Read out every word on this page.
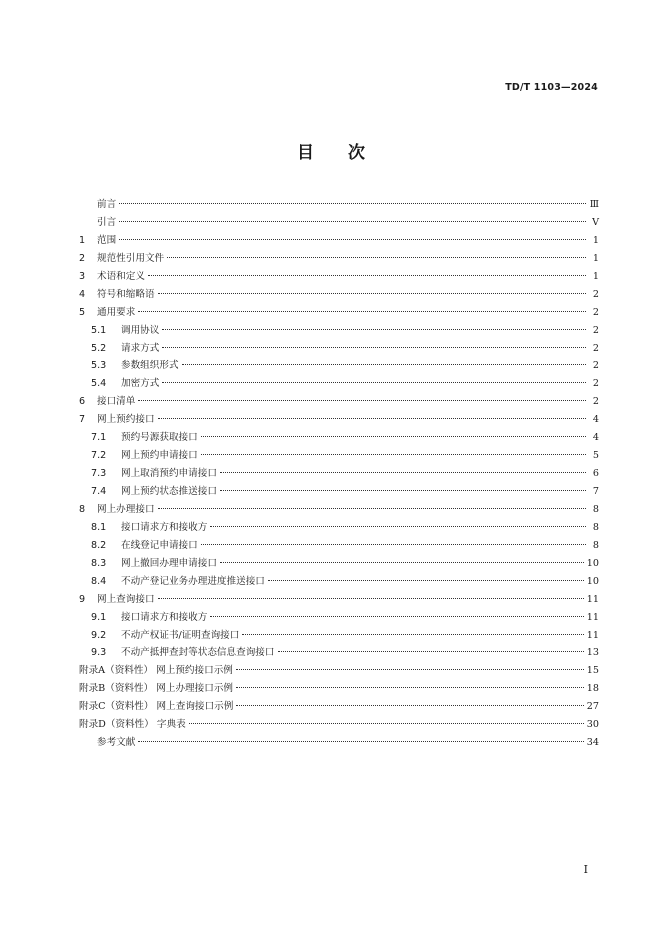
TD/T 1103—2024
目 次
前言	Ⅲ
引言	Ⅴ
1	范围	1
2	规范性引用文件	1
3	术语和定义	1
4	符号和缩略语	2
5	通用要求	2
5.1	调用协议	2
5.2	请求方式	2
5.3	参数组织形式	2
5.4	加密方式	2
6	接口清单	2
7	网上预约接口	4
7.1	预约号源获取接口	4
7.2	网上预约申请接口	5
7.3	网上取消预约申请接口	6
7.4	网上预约状态推送接口	7
8	网上办理接口	8
8.1	接口请求方和接收方	8
8.2	在线登记申请接口	8
8.3	网上撤回办理申请接口	10
8.4	不动产登记业务办理进度推送接口	10
9	网上查询接口	11
9.1	接口请求方和接收方	11
9.2	不动产权证书/证明查询接口	11
9.3	不动产抵押查封等状态信息查询接口	13
附录A（资料性） 网上预约接口示例	15
附录B（资料性） 网上办理接口示例	18
附录C（资料性） 网上查询接口示例	27
附录D（资料性） 字典表	30
参考文献	34
Ⅰ
